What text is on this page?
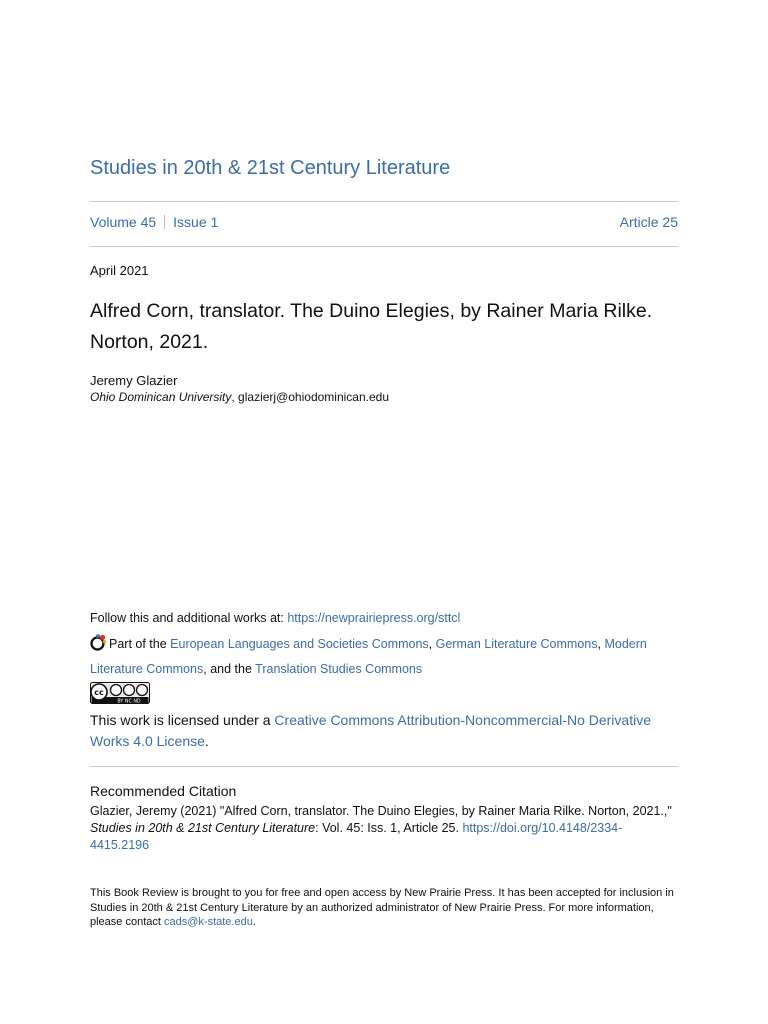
Studies in 20th & 21st Century Literature
Volume 45 Issue 1	Article 25
April 2021
Alfred Corn, translator. The Duino Elegies, by Rainer Maria Rilke. Norton, 2021.
Jeremy Glazier
Ohio Dominican University, glazierj@ohiodominican.edu
Follow this and additional works at: https://newprairiepress.org/sttcl
Part of the European Languages and Societies Commons, German Literature Commons, Modern Literature Commons, and the Translation Studies Commons
cc
BY NC ND
This work is licensed under a Creative Commons Attribution-Noncommercial-No Derivative Works 4.0 License.
Recommended Citation
Glazier, Jeremy (2021) "Alfred Corn, translator. The Duino Elegies, by Rainer Maria Rilke. Norton, 2021.,"
Studies in 20th & 21st Century Literature: Vol. 45: Iss. 1, Article 25. https://doi.org/10.4148/2334-4415.2196
This Book Review is brought to you for free and open access by New Prairie Press. It has been accepted for inclusion in Studies in 20th & 21st Century Literature by an authorized administrator of New Prairie Press. For more information, please contact cads@k-state.edu.
